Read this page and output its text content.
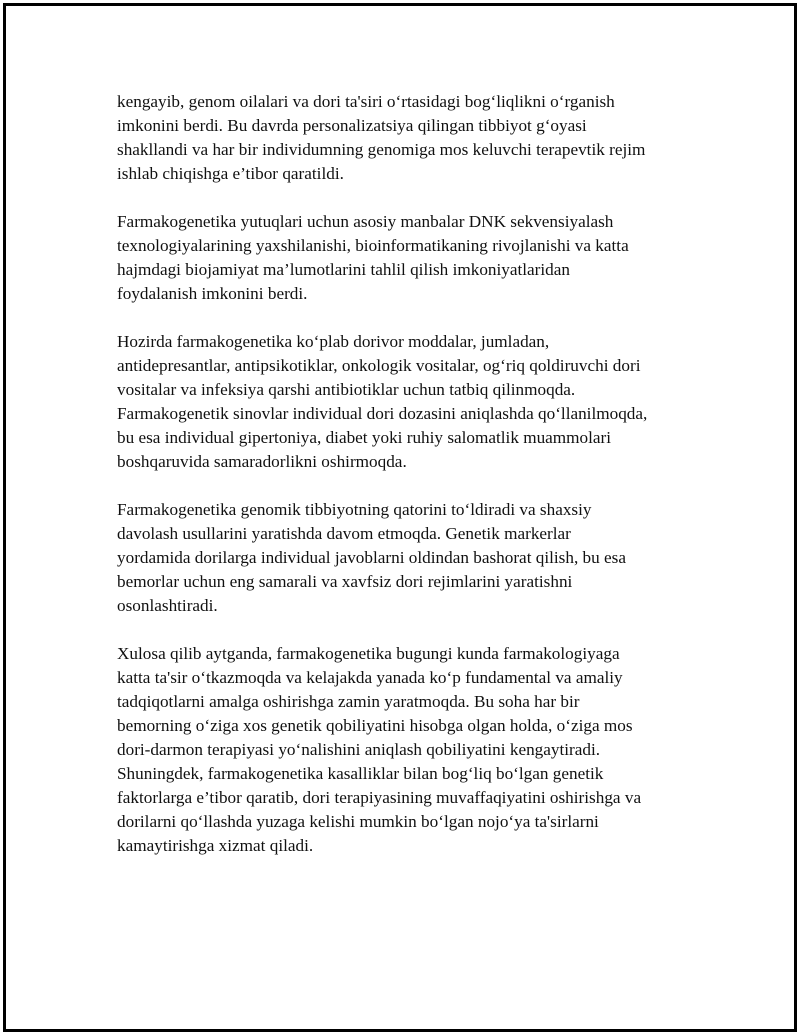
kengayib, genom oilalari va dori ta'siri o‘rtasidagi bog‘liqlikni o‘rganish
imkonini berdi. Bu davrda personalizatsiya qilingan tibbiyot g‘oyasi
shakllandi va har bir individumning genomiga mos keluvchi terapevtik rejim
ishlab chiqishga e’tibor qaratildi.

Farmakogenetika yutuqlari uchun asosiy manbalar DNK sekvensiyalash
texnologiyalarining yaxshilanishi, bioinformatikaning rivojlanishi va katta
hajmdagi biojamiyat ma’lumotlarini tahlil qilish imkoniyatlaridan
foydalanish imkonini berdi.

Hozirda farmakogenetika ko‘plab dorivor moddalar, jumladan,
antidepresantlar, antipsikotiklar, onkologik vositalar, og‘riq qoldiruvchi dori
vositalar va infeksiya qarshi antibiotiklar uchun tatbiq qilinmoqda.
Farmakogenetik sinovlar individual dori dozasini aniqlashda qo‘llanilmoqda,
bu esa individual gipertoniya, diabet yoki ruhiy salomatlik muammolari
boshqaruvida samaradorlikni oshirmoqda.

Farmakogenetika genomik tibbiyotning qatorini to‘ldiradi va shaxsiy
davolash usullarini yaratishda davom etmoqda. Genetik markerlar
yordamida dorilarga individual javoblarni oldindan bashorat qilish, bu esa
bemorlar uchun eng samarali va xavfsiz dori rejimlarini yaratishni
osonlashtiradi.

Xulosa qilib aytganda, farmakogenetika bugungi kunda farmakologiyaga
katta ta'sir o‘tkazmoqda va kelajakda yanada ko‘p fundamental va amaliy
tadqiqotlarni amalga oshirishga zamin yaratmoqda. Bu soha har bir
bemorning o‘ziga xos genetik qobiliyatini hisobga olgan holda, o‘ziga mos
dori-darmon terapiyasi yo‘nalishini aniqlash qobiliyatini kengaytiradi.
Shuningdek, farmakogenetika kasalliklar bilan bog‘liq bo‘lgan genetik
faktorlarga e’tibor qaratib, dori terapiyasining muvaffaqiyatini oshirishga va
dorilarni qo‘llashda yuzaga kelishi mumkin bo‘lgan nojo‘ya ta'sirlarni
kamaytirishga xizmat qiladi.
